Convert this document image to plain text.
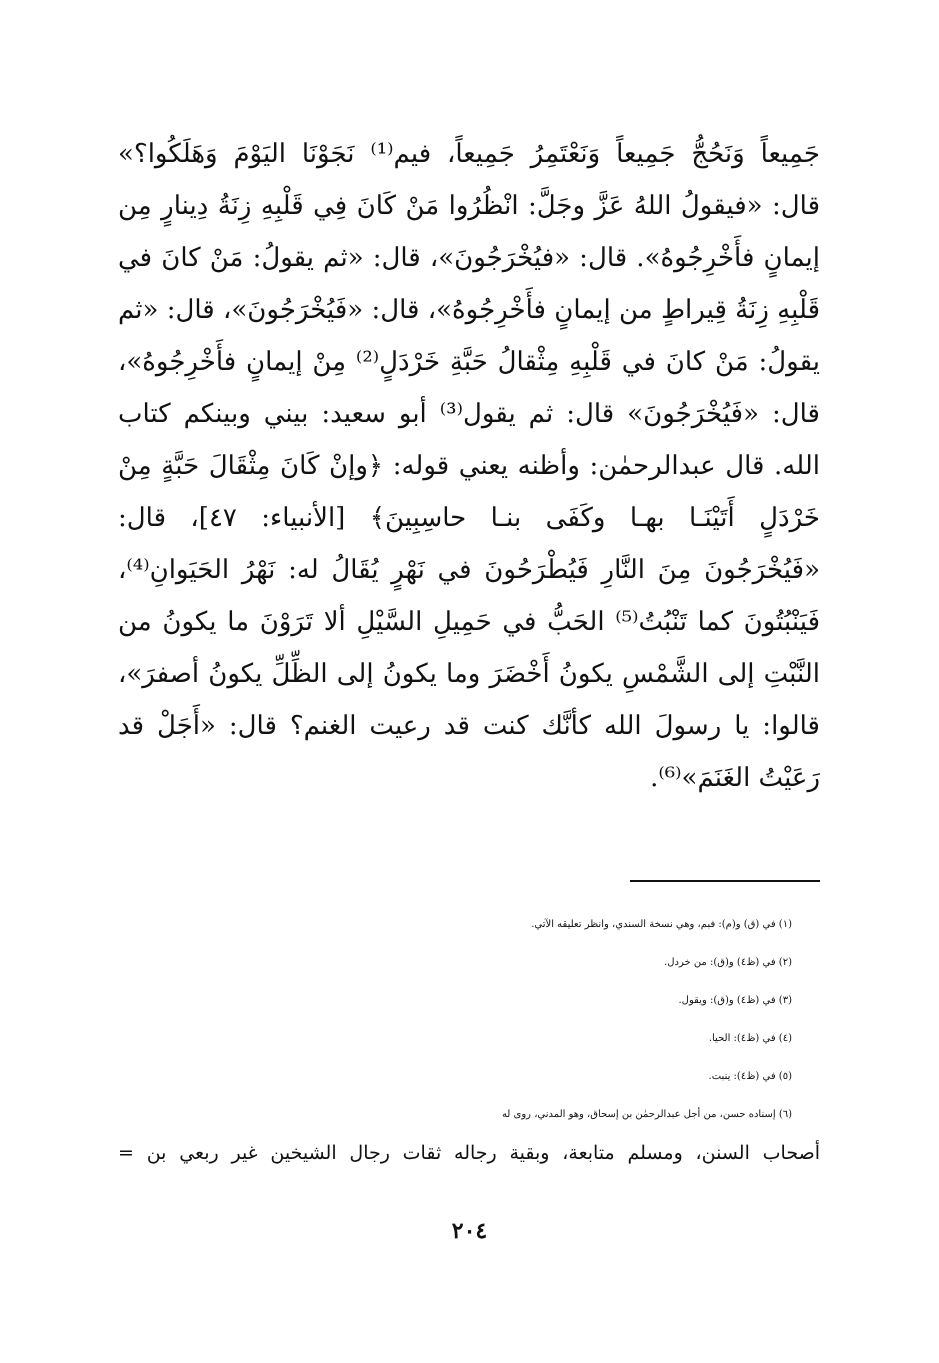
جَمِيعاً وَنَحُجُّ جَمِيعاً وَنَعْتَمِرُ جَمِيعاً، فيم⁽¹⁾ نَجَوْنَا اليَوْمَ وَهَلَكُوا؟»
قال: «فيقولُ اللهُ عَزَّ وجَلَّ: انْظُرُوا مَنْ كَانَ فِي قَلْبِهِ زِنَةُ دِينارٍ مِن
إيمانٍ فأَخْرِجُوهُ». قال: «فيُخْرَجُونَ»، قال: «ثم يقولُ: مَنْ كانَ في
قَلْبِهِ زِنَةُ قِيراطٍ من إيمانٍ فأَخْرِجُوهُ»، قال: «فَيُخْرَجُونَ»، قال: «ثم
يقولُ: مَنْ كانَ في قَلْبِهِ مِثْقالُ حَبَّةِ خَرْدَلٍ⁽²⁾ مِنْ إيمانٍ فأَخْرِجُوهُ»،
قال: «فَيُخْرَجُونَ» قال: ثم يقول⁽³⁾ أبو سعيد: بيني وبينكم كتاب
الله. قال عبدالرحمٰن: وأظنه يعني قوله: ﴿وإنْ كَانَ مِثْقَالَ حَبَّةٍ مِنْ
خَرْدَلٍ أَتَيْنَـا بهـا وكَفَى بنـا حاسِبِينَ﴾ [الأنبياء: ٤٧]، قال:
«فَيُخْرَجُونَ مِنَ النَّارِ فَيُطْرَحُونَ في نَهْرٍ يُقَالُ له: نَهْرُ الحَيَوانِ⁽⁴⁾،
فَيَنْبُتُونَ كما تَنْبُتُ⁽⁵⁾ الحَبُّ في حَمِيلِ السَّيْلِ ألا تَرَوْنَ ما يكونُ من
النَّبْتِ إلى الشَّمْسِ يكونُ أَخْضَرَ وما يكونُ إلى الظِّلِّ يكونُ أصفرَ»،
قالوا: يا رسولَ الله كأنَّك كنت قد رعيت الغنم؟ قال: «أَجَلْ قد
رَعَيْتُ الغَنَمَ»⁽⁶⁾.
(١) في (ق) و(م): فبم، وهي نسخة السندي، وانظر تعليقه الآتي.
(٢) في (ظ٤) و(ق): من خردل.
(٣) في (ظ٤) و(ق): ويقول.
(٤) في (ظ٤): الحيا.
(٥) في (ظ٤): ينبت.
(٦) إسناده حسن، من أجل عبدالرحمٰن بن إسحاق، وهو المدني، روى له
أصحاب السنن، ومسلم متابعة، وبقية رجاله ثقات رجال الشيخين غير ربعي بن =
٢٠٤
